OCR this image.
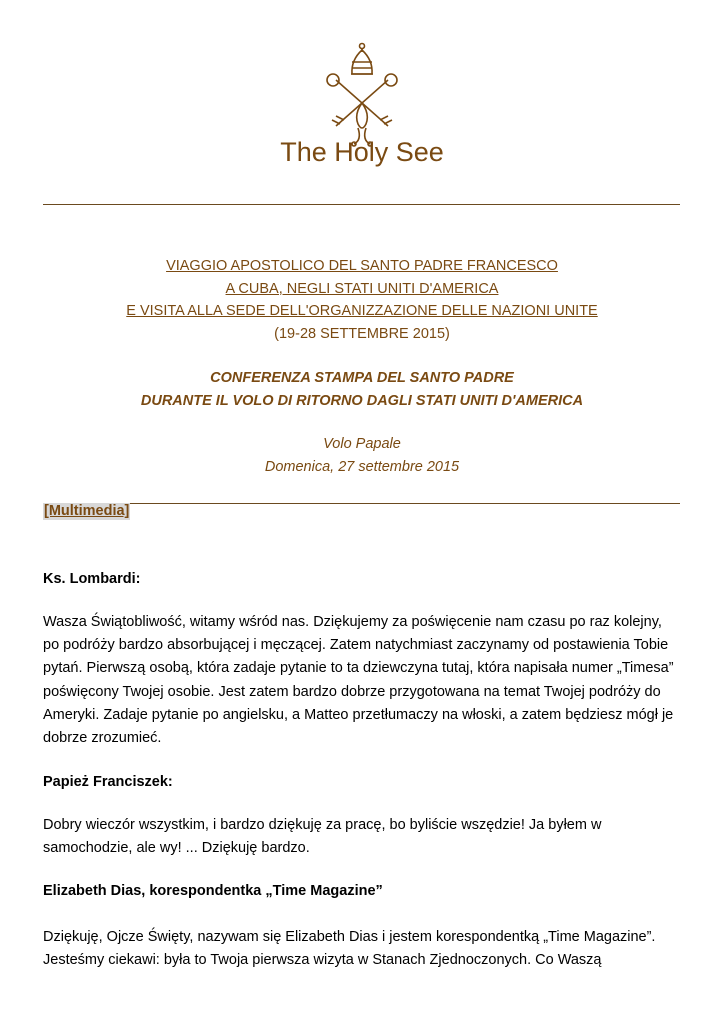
The Holy See
VIAGGIO APOSTOLICO DEL SANTO PADRE FRANCESCO
A CUBA, NEGLI STATI UNITI D'AMERICA
E VISITA ALLA SEDE DELL'ORGANIZZAZIONE DELLE NAZIONI UNITE
(19-28 SETTEMBRE 2015)
CONFERENZA STAMPA DEL SANTO PADRE
DURANTE IL VOLO DI RITORNO DAGLI STATI UNITI D'AMERICA
Volo Papale
Domenica, 27 settembre 2015
[Multimedia]
Ks. Lombardi:
Wasza Świątobliwość, witamy wśród nas. Dziękujemy za poświęcenie nam czasu po raz kolejny,
po podróży bardzo absorbującej i męczącej. Zatem natychmiast zaczynamy od postawienia Tobie
pytań. Pierwszą osobą, która zadaje pytanie to ta dziewczyna tutaj, która napisała numer „Timesa”
poświęcony Twojej osobie. Jest zatem bardzo dobrze przygotowana na temat Twojej podróży do
Ameryki. Zadaje pytanie po angielsku, a Matteo przetłumaczy na włoski, a zatem będziesz mógł je
dobrze zrozumieć.
Papież Franciszek:
Dobry wieczór wszystkim, i bardzo dziękuję za pracę, bo byliście wszędzie! Ja byłem w
samochodzie, ale wy! ... Dziękuję bardzo.
Elizabeth Dias, korespondentka „Time Magazine”
Dziękuję, Ojcze Święty, nazywam się Elizabeth Dias i jestem korespondentką „Time Magazine”.
Jesteśmy ciekawi: była to Twoja pierwsza wizyta w Stanach Zjednoczonych. Co Waszą
